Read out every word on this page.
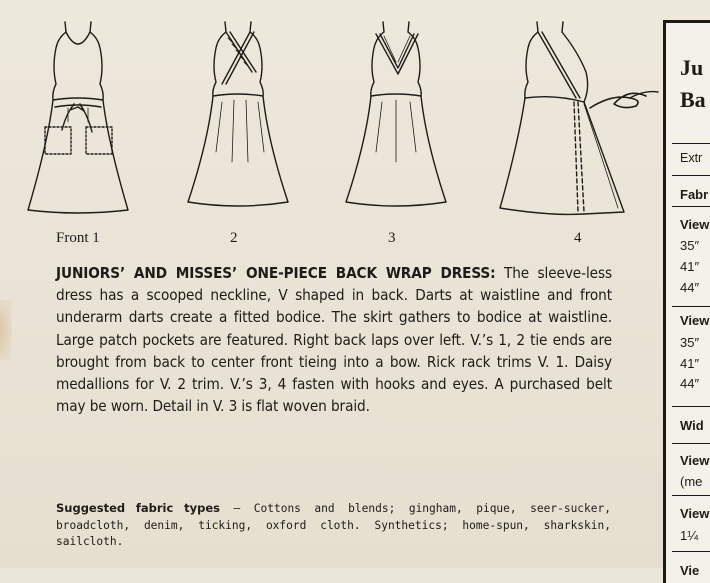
Front 1	2	3	4
JUNIORS’ AND MISSES’ ONE-PIECE BACK WRAP DRESS: The sleeve-less dress has a scooped neckline, V shaped in back. Darts at waistline and front underarm darts create a fitted bodice. The skirt gathers to bodice at waistline. Large patch pockets are featured. Right back laps over left. V.’s 1, 2 tie ends are brought from back to center front tieing into a bow. Rick rack trims V. 1. Daisy medallions for V. 2 trim. V.’s 3, 4 fasten with hooks and eyes. A purchased belt may be worn. Detail in V. 3 is flat woven braid.
Suggested fabric types — Cottons and blends; gingham, pique, seer-sucker, broadcloth, denim, ticking, oxford cloth. Synthetics; home-spun, sharkskin, sailcloth.
Ju
Ba
Extr
Fabr
View
35″
41″
44″
View
35″
41″
44″
Wid
View
(me
View
1¼
Vie
